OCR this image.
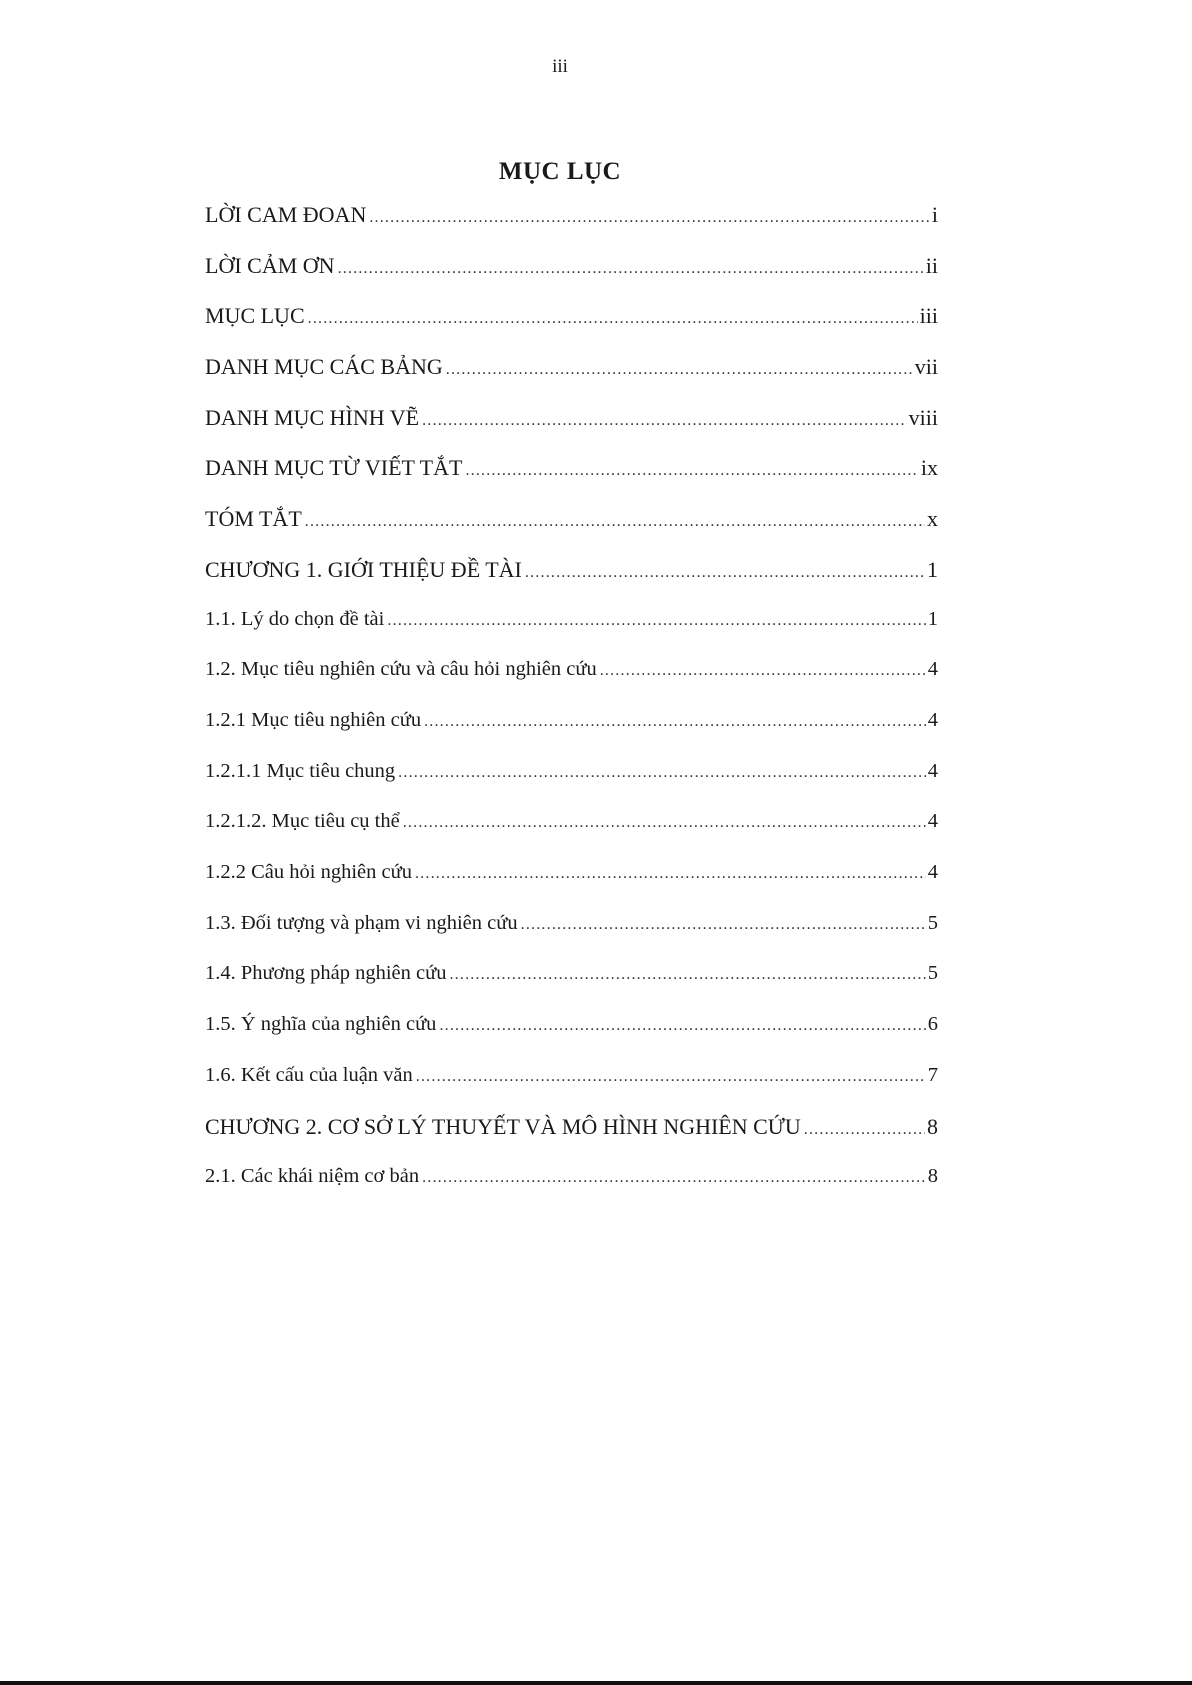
iii
MỤC LỤC
LỜI CAM ĐOAN .....	i
LỜI CẢM ƠN .....	ii
MỤC LỤC .....	iii
DANH MỤC CÁC BẢNG .....	vii
DANH MỤC HÌNH VẼ .....	viii
DANH MỤC TỪ VIẾT TẮT .....	ix
TÓM TẮT .....	x
CHƯƠNG 1. GIỚI THIỆU ĐỀ TÀI .....	1
1.1. Lý do chọn đề tài .....	1
1.2. Mục tiêu nghiên cứu và câu hỏi nghiên cứu .....	4
1.2.1 Mục tiêu nghiên cứu .....	4
1.2.1.1 Mục tiêu chung .....	4
1.2.1.2. Mục tiêu cụ thể .....	4
1.2.2 Câu hỏi nghiên cứu .....	4
1.3. Đối tượng và phạm vi nghiên cứu .....	5
1.4. Phương pháp nghiên cứu .....	5
1.5. Ý nghĩa của nghiên cứu .....	6
1.6. Kết cấu của luận văn .....	7
CHƯƠNG 2. CƠ SỞ LÝ THUYẾT VÀ MÔ HÌNH NGHIÊN CỨU .....	8
2.1. Các khái niệm cơ bản .....	8
